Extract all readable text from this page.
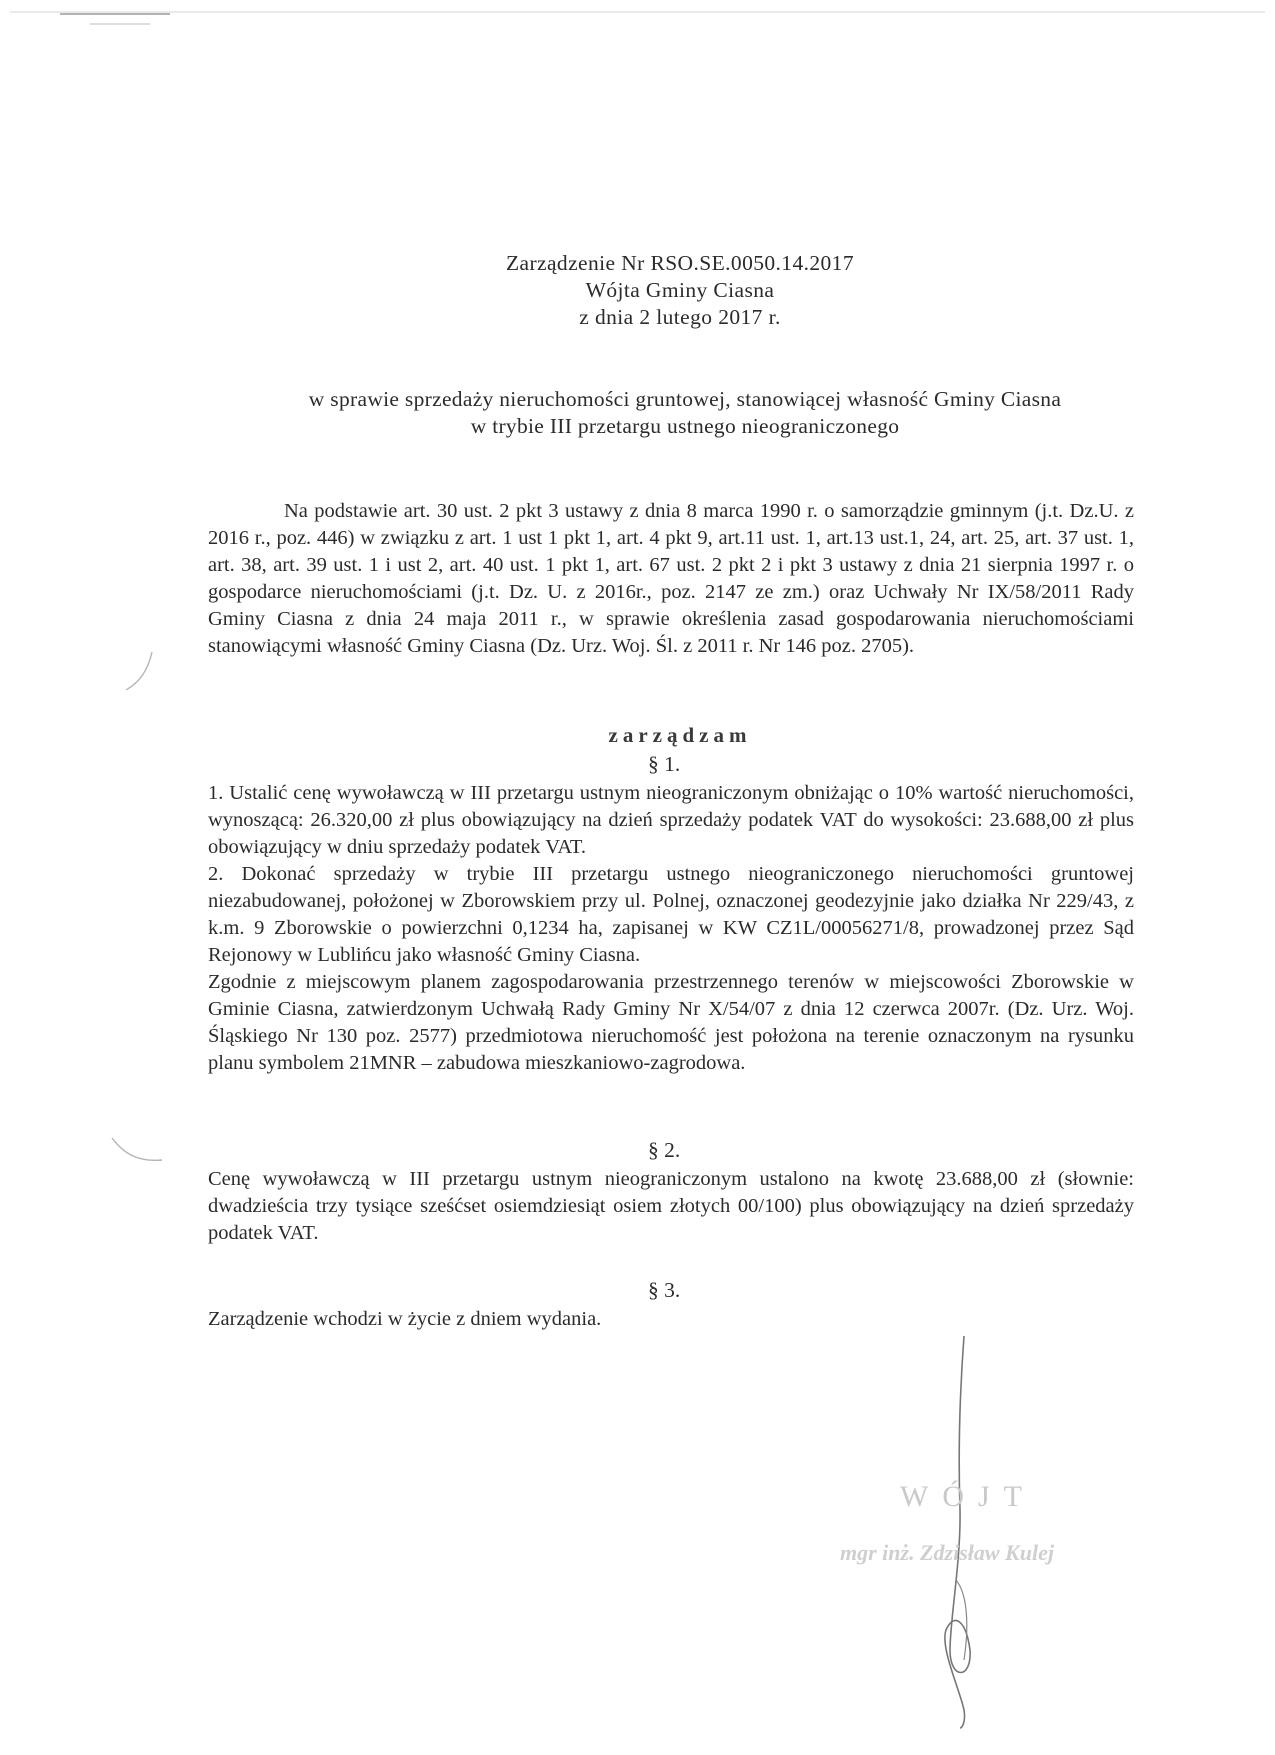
Zarządzenie Nr RSO.SE.0050.14.2017
Wójta Gminy Ciasna
z dnia 2 lutego 2017 r.
w sprawie sprzedaży nieruchomości gruntowej, stanowiącej własność Gminy Ciasna
w trybie III przetargu ustnego nieograniczonego

Na podstawie art. 30 ust. 2 pkt 3 ustawy z dnia 8 marca 1990 r. o samorządzie gminnym (j.t. Dz.U. z 2016 r., poz. 446) w związku z art. 1 ust 1 pkt 1, art. 4 pkt 9, art.11 ust. 1, art.13 ust.1, 24, art. 25, art. 37 ust. 1, art. 38, art. 39 ust. 1 i ust 2, art. 40 ust. 1 pkt 1, art. 67 ust. 2 pkt 2 i pkt 3 ustawy z dnia 21 sierpnia 1997 r. o gospodarce nieruchomościami (j.t. Dz. U. z 2016r., poz. 2147 ze zm.) oraz Uchwały Nr IX/58/2011 Rady Gminy Ciasna z dnia 24 maja 2011 r., w sprawie określenia zasad gospodarowania nieruchomościami stanowiącymi własność Gminy Ciasna (Dz. Urz. Woj. Śl. z 2011 r. Nr 146 poz. 2705).

zarządzam
§ 1.

1. Ustalić cenę wywoławczą w III przetargu ustnym nieograniczonym obniżając o 10% wartość nieruchomości, wynoszącą: 26.320,00 zł plus obowiązujący na dzień sprzedaży podatek VAT do wysokości: 23.688,00 zł plus obowiązujący w dniu sprzedaży podatek VAT.

2. Dokonać sprzedaży w trybie III przetargu ustnego nieograniczonego nieruchomości gruntowej niezabudowanej, położonej w Zborowskiem przy ul. Polnej, oznaczonej geodezyjnie jako działka Nr 229/43, z k.m. 9 Zborowskie o powierzchni 0,1234 ha, zapisanej w KW CZ1L/00056271/8, prowadzonej przez Sąd Rejonowy w Lublińcu jako własność Gminy Ciasna.

Zgodnie z miejscowym planem zagospodarowania przestrzennego terenów w miejscowości Zborowskie w Gminie Ciasna, zatwierdzonym Uchwałą Rady Gminy Nr X/54/07 z dnia 12 czerwca 2007r. (Dz. Urz. Woj. Śląskiego Nr 130 poz. 2577) przedmiotowa nieruchomość jest położona na terenie oznaczonym na rysunku planu symbolem 21MNR – zabudowa mieszkaniowo-zagrodowa.

§ 2.

Cenę wywoławczą w III przetargu ustnym nieograniczonym ustalono na kwotę 23.688,00 zł (słownie: dwadzieścia trzy tysiące sześćset osiemdziesiąt osiem złotych 00/100) plus obowiązujący na dzień sprzedaży podatek VAT.

§ 3.

Zarządzenie wchodzi w życie z dniem wydania.

WÓJT
mgr inż. Zdzisław Kulej
